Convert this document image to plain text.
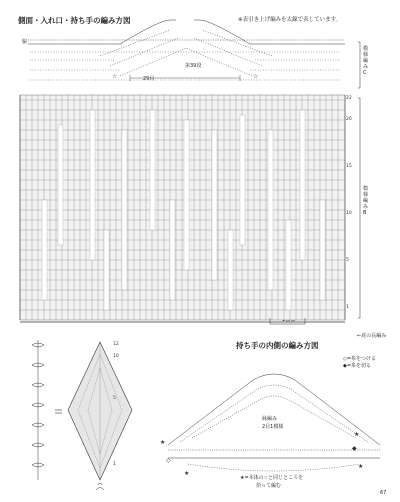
側面・入れ口・持ち手の編み方図	※表引き上げ編みを太線で表しています。
脇
第39段
29目
模様編みC
模様編みB
←底の長編み
22
20
15
10
5
1
☆	☆
12
10
5
1
持ち手の内側の編み方図
◇=糸をつける
◆=糸を切る
★
★
★
★
◆
◇
縁編み
2目1模様
★=本体の☆と同じところを
拾って編む
67
